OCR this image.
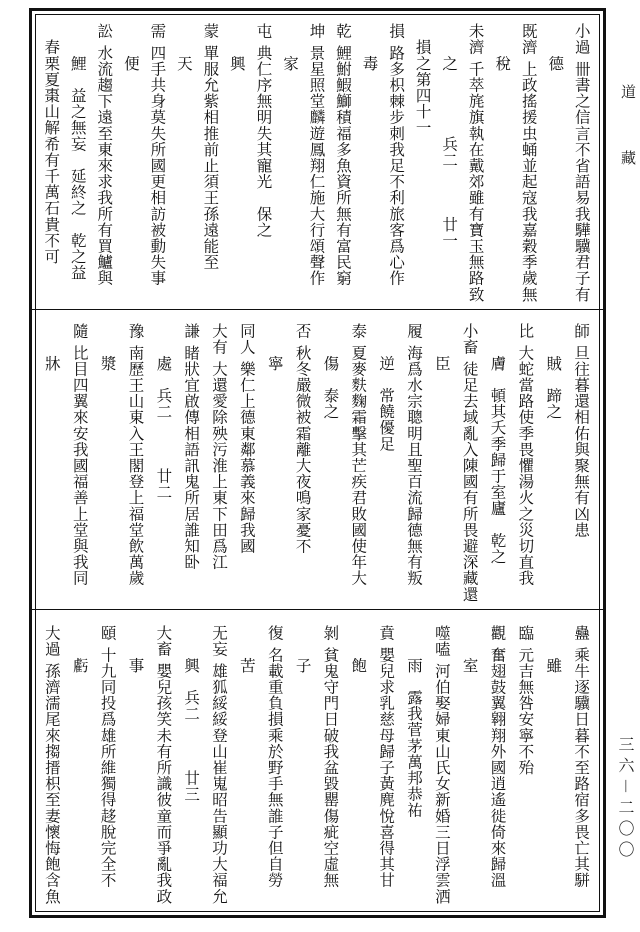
道
藏
三六－二〇〇
小過 卌書之信言不省語易我驊驥君子有
　　德
既濟 上政搖援虫蛹並起寇我嘉穀季歲無
　　稅
未濟 千萃旄旗執在戴郊雖有寶玉無路致
　　之　　　　兵二　　　廿一
　損之第四十一
損 路多枳棘步刺我足不利旅客爲心作
　　毒
乾 鯉鮒鰕鰤積福多魚資所無有富民窮
坤 景星照堂麟遊鳳翔仁施大行頌聲作
　　家
屯 典仁序無明失其寵光　保之
　　興
蒙 單服允紫相推前止須王孫遠能至
　　天
需 四手共身莫失所國更相訪被動失事
　　便
訟 水流趨下遠至東來求我所有買鱸與
　　鯉　益之無妄　延終之　乾之益
　春栗夏棗山解希有千萬石貴不可
師 旦往暮還相佑與聚無有凶患
　　賊　蹄之
比 大蛇當路使季畏懼湯火之災切直我
　　膚　頓其夭季歸于室廬　乾之
小畜 徒足去域亂入陳國有所畏避深藏還
　　臣
履 海爲水宗聰明且聖百流歸德無有叛
　　逆　常饒優足
泰 夏麥麩麴霜擊其芒疾君敗國使年大
　　傷　泰之
否 秋冬嚴微被霜離大夜鳴家憂不
　　寧
同人 樂仁上德東鄰慕義來歸我國
大有 大還愛除殃污淮上東下田爲江
謙 睹狀宜啟傳相語訊鬼所居誰知卧
　　處　兵二　　　廿二
豫 南歷王山東入王閣登上福堂飲萬歲
　　漿
隨 比目四翼來安我國福善上堂與我同
　　牀
蠱 乘牛逐驥日暮不至路宿多畏亡其駢
　　雖
臨 元吉無咎安寧不殆
觀 奮翅鼓翼翱翔外國逍遙徙倚來歸溫
　　室
噬嗑 河伯娶婦東山氏女新婚三日浮雲洒
　　雨　露我菅茅萬邦恭祐
賁 嬰兒求乳慈母歸子黃麂悅喜得其甘
　　飽
剝 貧鬼守門日破我盆毀罌傷疵空虛無
　　子
復 名載重負損乘於野手無誰子但自勞
　　苦
无妄 雄狐綏綏登山崔嵬昭告顯功大福允
　　興　兵二　　　廿三
大畜 嬰兒孩笑未有所識彼童而爭亂我政
　　事
頤 十九同投爲雄所維獨得趍脫完全不
　　虧
大過 孫濟濡尾來搊搢枳至妻懷悔飽含魚
